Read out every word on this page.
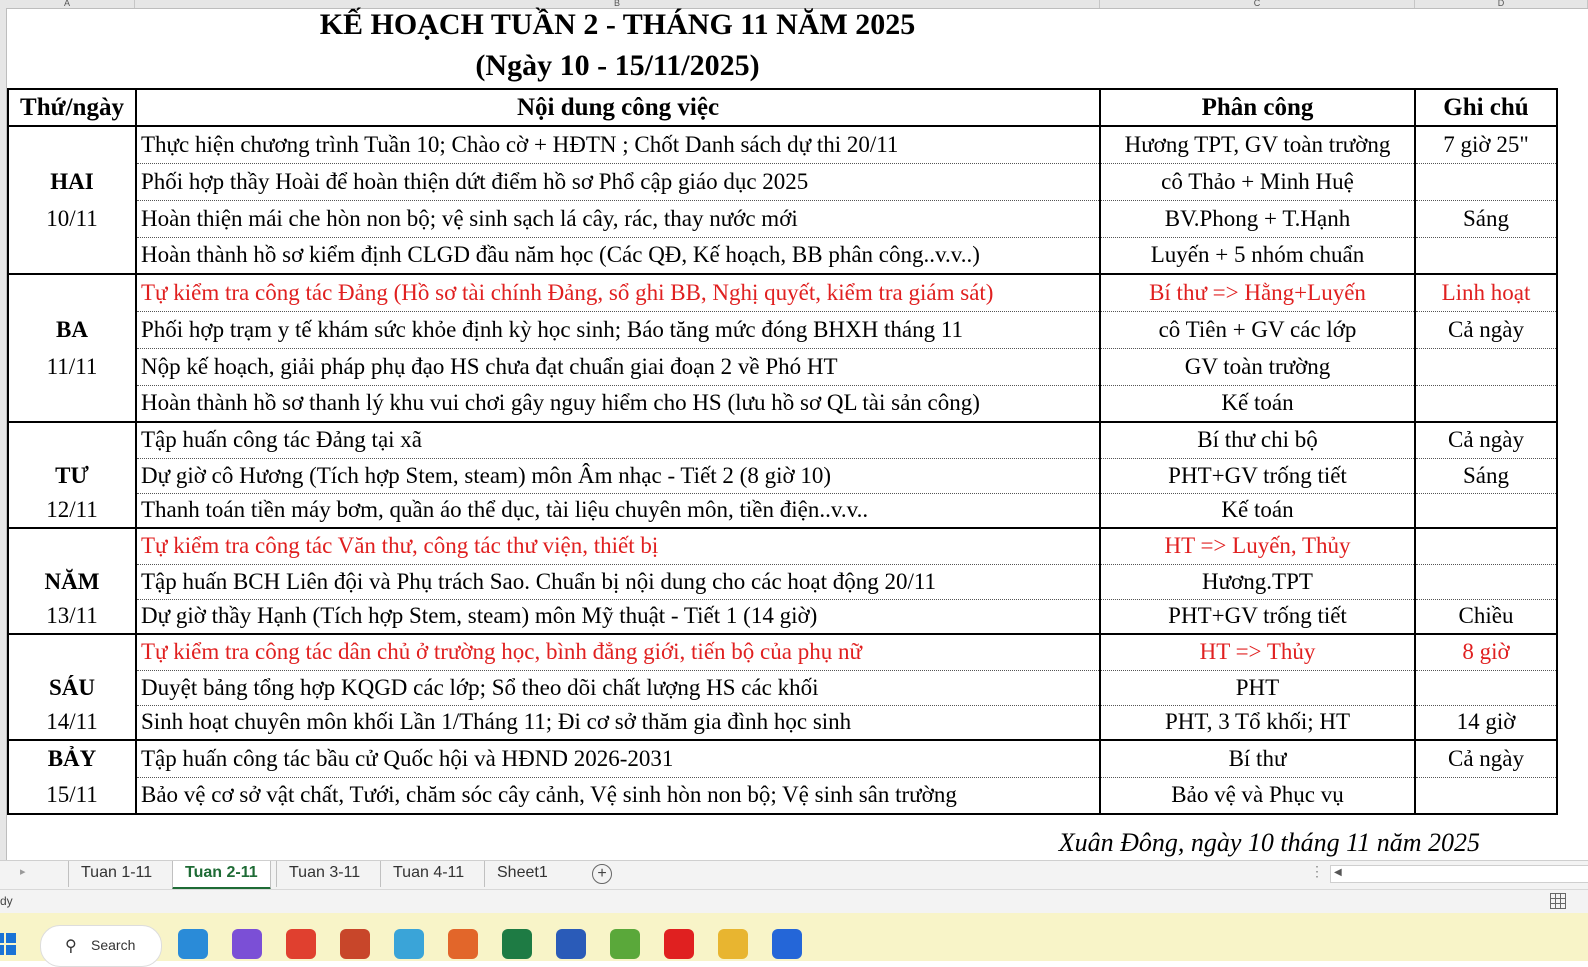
A	B	C	D
KẾ HOẠCH TUẦN 2 - THÁNG 11 NĂM 2025
(Ngày 10 - 15/11/2025)
Thứ/ngày	Nội dung công việc	Phân công	Ghi chú
	Thực hiện chương trình Tuần 10; Chào cờ + HĐTN ; Chốt Danh sách dự thi 20/11	Hương TPT, GV toàn trường	7 giờ 25"
HAI	Phối hợp thầy Hoài để hoàn thiện dứt điểm hồ sơ Phổ cập giáo dục 2025	cô Thảo + Minh Huệ	
10/11	Hoàn thiện mái che hòn non bộ; vệ sinh sạch lá cây, rác, thay nước mới	BV.Phong + T.Hạnh	Sáng
	Hoàn thành hồ sơ kiểm định CLGD đầu năm học (Các QĐ, Kế hoạch, BB phân công..v.v..)	Luyến + 5 nhóm chuẩn	
	Tự kiểm tra công tác Đảng (Hồ sơ tài chính Đảng, sổ ghi BB, Nghị quyết, kiểm tra giám sát)	Bí thư => Hằng+Luyến	Linh hoạt
BA	Phối hợp trạm y tế khám sức khỏe định kỳ học sinh; Báo tăng mức đóng BHXH tháng 11	cô Tiên + GV các lớp	Cả ngày
11/11	Nộp kế hoạch, giải pháp phụ đạo HS chưa đạt chuẩn giai đoạn 2 về Phó HT	GV toàn trường	
	Hoàn thành hồ sơ thanh lý khu vui chơi gây nguy hiểm cho HS (lưu hồ sơ QL tài sản công)	Kế toán	
	Tập huấn công tác Đảng tại xã	Bí thư chi bộ	Cả ngày
TƯ	Dự giờ cô Hương (Tích hợp Stem, steam) môn Âm nhạc - Tiết 2 (8 giờ 10)	PHT+GV trống tiết	Sáng
12/11	Thanh toán tiền máy bơm, quần áo thể dục, tài liệu chuyên môn, tiền điện..v.v..	Kế toán	
	Tự kiểm tra công tác Văn thư, công tác thư viện, thiết bị	HT => Luyến, Thủy	
NĂM	Tập huấn BCH Liên đội và Phụ trách Sao. Chuẩn bị nội dung cho các hoạt động 20/11	Hương.TPT	
13/11	Dự giờ thầy Hạnh (Tích hợp Stem, steam) môn Mỹ thuật - Tiết 1 (14 giờ)	PHT+GV trống tiết	Chiều
	Tự kiểm tra công tác dân chủ ở trường học, bình đẳng giới, tiến bộ của phụ nữ	HT => Thủy	8 giờ
SÁU	Duyệt bảng tổng hợp KQGD các lớp; Sổ theo dõi chất lượng HS các khối	PHT	
14/11	Sinh hoạt chuyên môn khối Lần 1/Tháng 11; Đi cơ sở thăm gia đình học sinh	PHT, 3 Tổ khối; HT	14 giờ
BẢY	Tập huấn công tác bầu cử Quốc hội và HĐND 2026-2031	Bí thư	Cả ngày
15/11	Bảo vệ cơ sở vật chất, Tưới, chăm sóc cây cảnh, Vệ sinh hòn non bộ; Vệ sinh sân trường	Bảo vệ và Phục vụ	
Xuân Đông, ngày 10 tháng 11 năm 2025
▸	Tuan 1-11	Tuan 2-11	Tuan 3-11	Tuan 4-11	Sheet1	+	⋮ ◀
dy
⚲ Search
